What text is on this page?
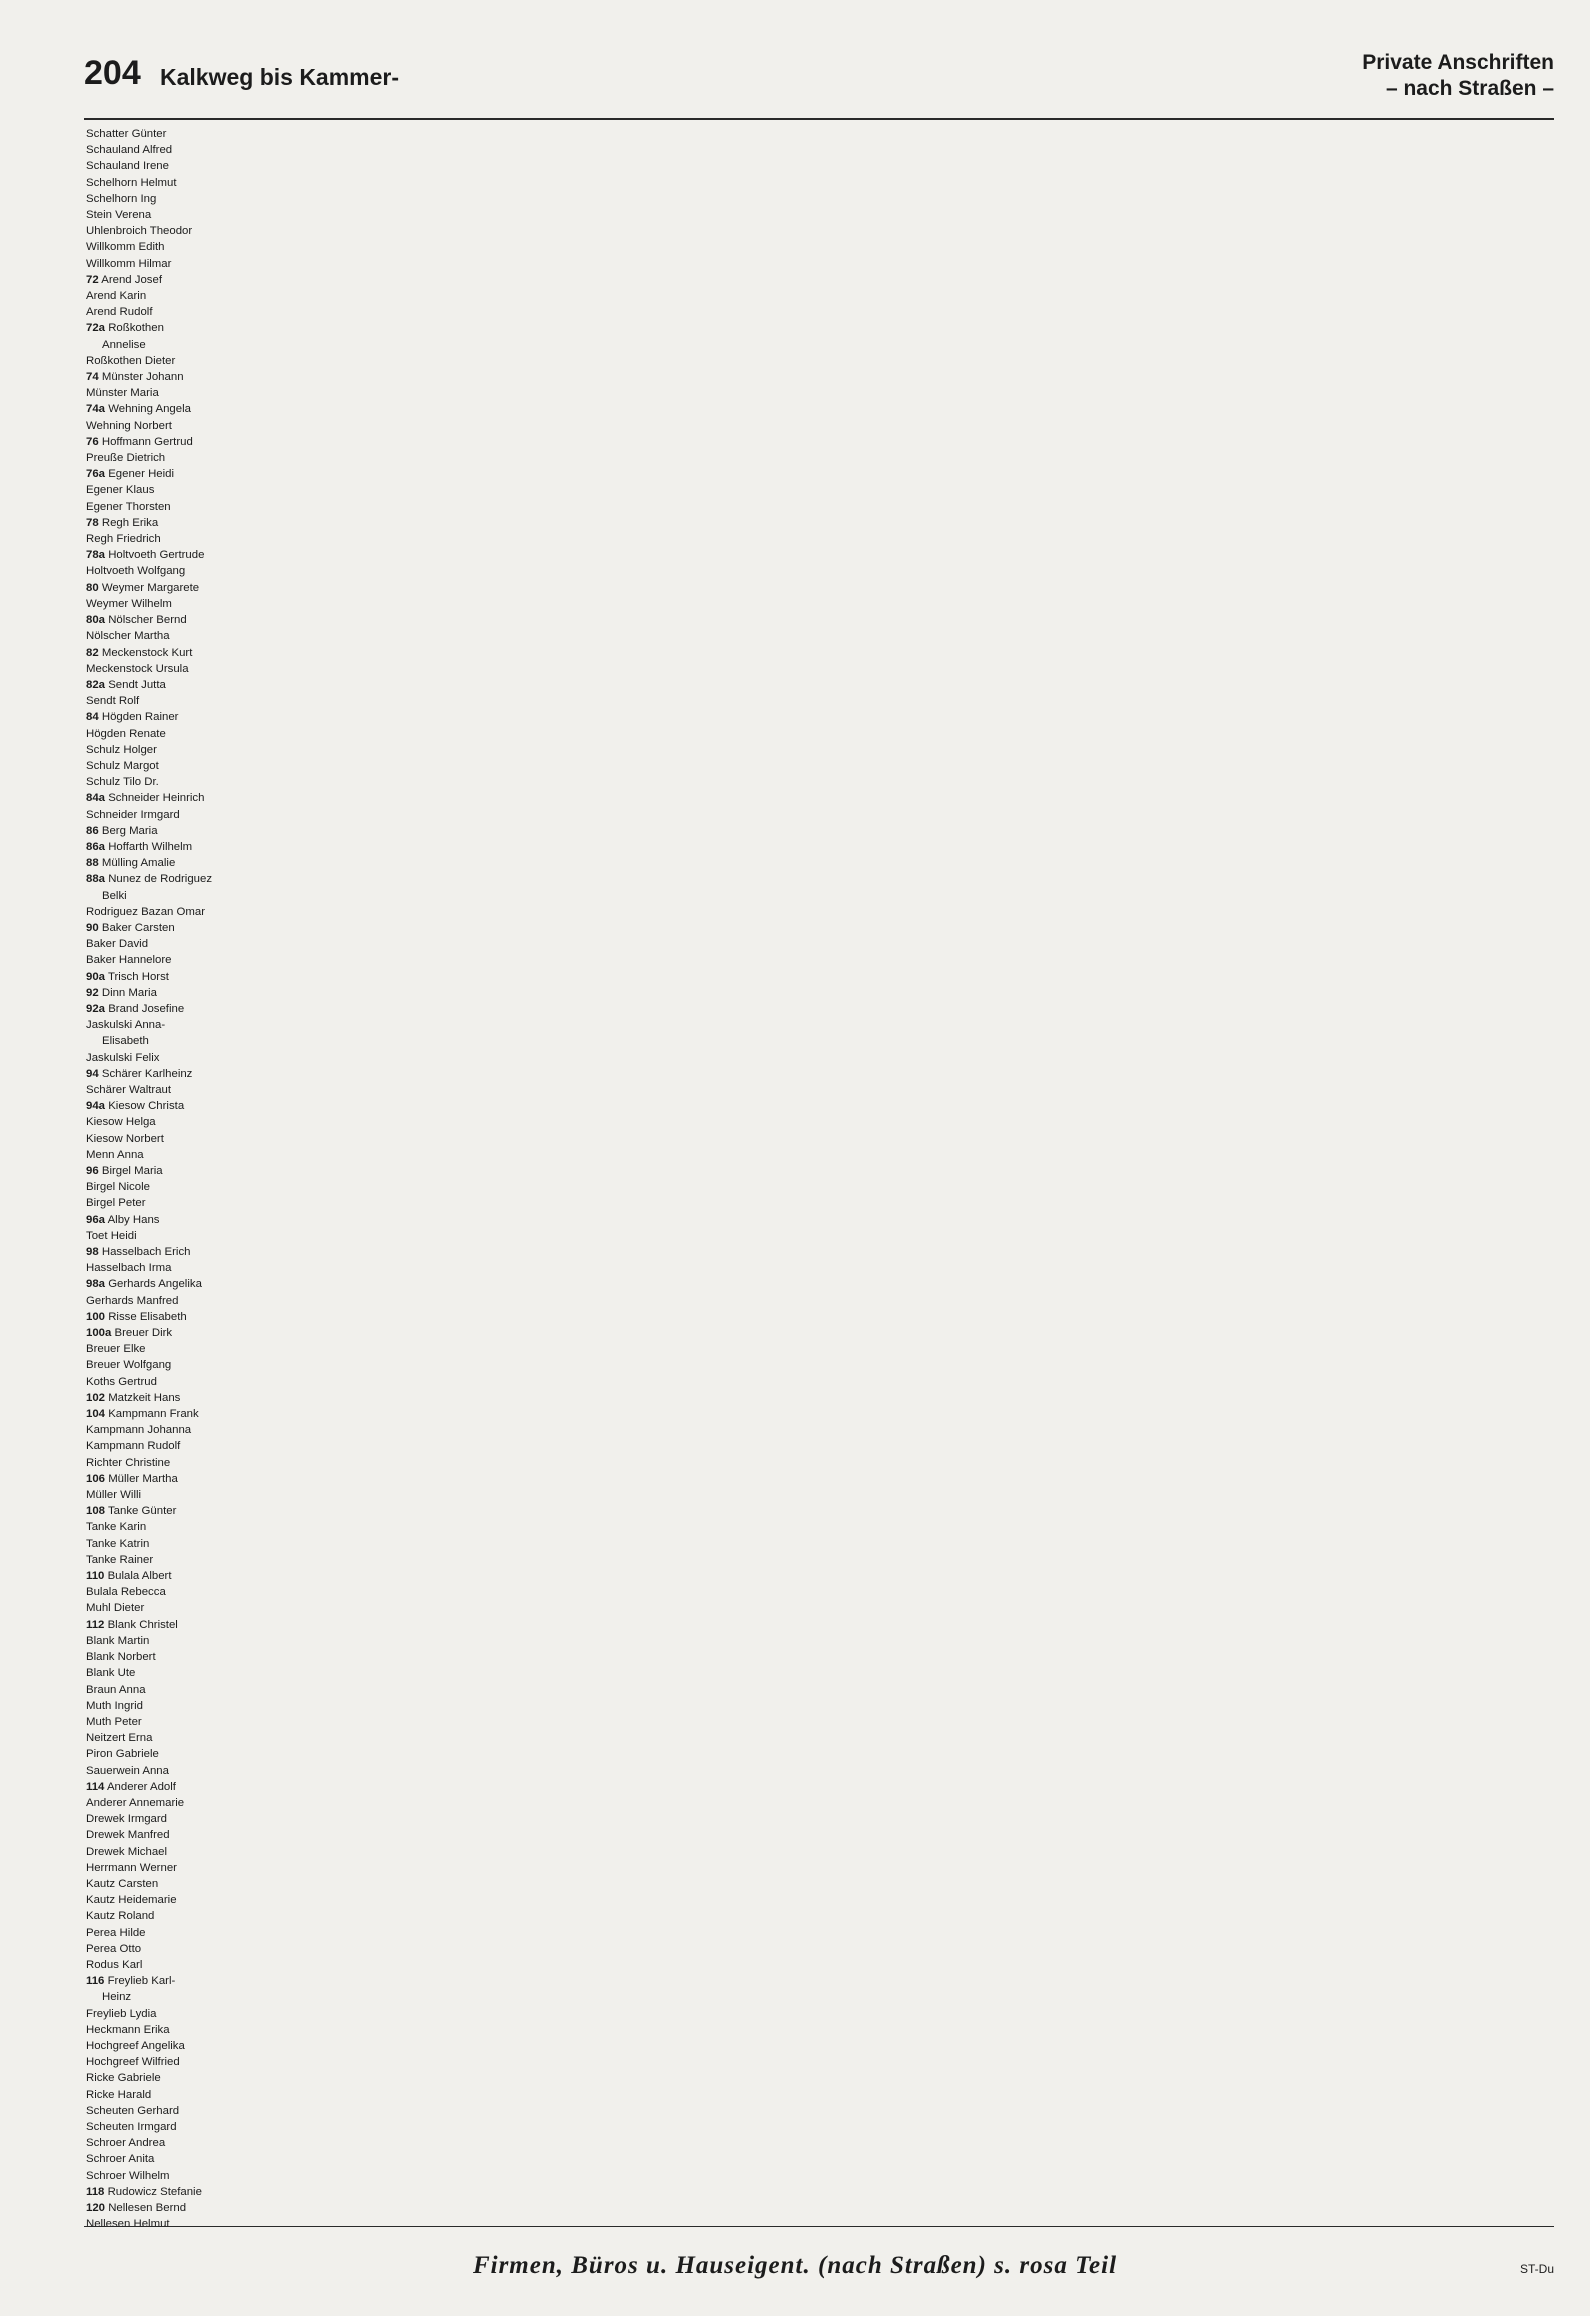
204 Kalkweg bis Kammer-
Private Anschriften
– nach Straßen –
Schatter Günter
Schauland Alfred
Schauland Irene
Schelhorn Helmut
Schelhorn Ing
Stein Verena
Uhlenbroich Theodor
Willkomm Edith
Willkomm Hilmar
72 Arend Josef
Arend Karin
Arend Rudolf
72a Roßkothen
Annelise
Roßkothen Dieter
74 Münster Johann
Münster Maria
74a Wehning Angela
Wehning Norbert
76 Hoffmann Gertrud
Preuße Dietrich
76a Egener Heidi
Egener Klaus
Egener Thorsten
78 Regh Erika
Regh Friedrich
78a Holtvoeth Gertrude
Holtvoeth Wolfgang
80 Weymer Margarete
Weymer Wilhelm
80a Nölscher Bernd
Nölscher Martha
82 Meckenstock Kurt
Meckenstock Ursula
82a Sendt Jutta
Sendt Rolf
84 Högden Rainer
Högden Renate
Schulz Holger
Schulz Margot
Schulz Tilo Dr.
84a Schneider Heinrich
Schneider Irmgard
86 Berg Maria
86a Hoffarth Wilhelm
88 Mülling Amalie
88a Nunez de Rodriguez
Belki
Rodriguez Bazan Omar
90 Baker Carsten
Baker David
Baker Hannelore
90a Trisch Horst
92 Dinn Maria
92a Brand Josefine
Jaskulski Anna-
Elisabeth
Jaskulski Felix
94 Schärer Karlheinz
Schärer Waltraut
94a Kiesow Christa
Kiesow Helga
Kiesow Norbert
Menn Anna
96 Birgel Maria
Birgel Nicole
Birgel Peter
96a Alby Hans
Toet Heidi
98 Hasselbach Erich
Hasselbach Irma
98a Gerhards Angelika
Gerhards Manfred
100 Risse Elisabeth
100a Breuer Dirk
Breuer Elke
Breuer Wolfgang
Koths Gertrud
102 Matzkeit Hans
104 Kampmann Frank
Kampmann Johanna
Kampmann Rudolf
Richter Christine
106 Müller Martha
Müller Willi
108 Tanke Günter
Tanke Karin
Tanke Katrin
Tanke Rainer
110 Bulala Albert
Bulala Rebecca
Muhl Dieter
112 Blank Christel
Blank Martin
Blank Norbert
Blank Ute
Braun Anna
Muth Ingrid
Muth Peter
Neitzert Erna
Piron Gabriele
Sauerwein Anna
114 Anderer Adolf
Anderer Annemarie
Drewek Irmgard
Drewek Manfred
Drewek Michael
Herrmann Werner
Kautz Carsten
Kautz Heidemarie
Kautz Roland
Perea Hilde
Perea Otto
Rodus Karl
116 Freylieb Karl-
Heinz
Freylieb Lydia
Heckmann Erika
Hochgreef Angelika
Hochgreef Wilfried
Ricke Gabriele
Ricke Harald
Scheuten Gerhard
Scheuten Irmgard
Schroer Andrea
Schroer Anita
Schroer Wilhelm
118 Rudowicz Stefanie
120 Nellesen Bernd
Nellesen Helmut
Firmen, Büros u. Hauseigent. (nach Straßen) s. rosa Teil	ST-Du
